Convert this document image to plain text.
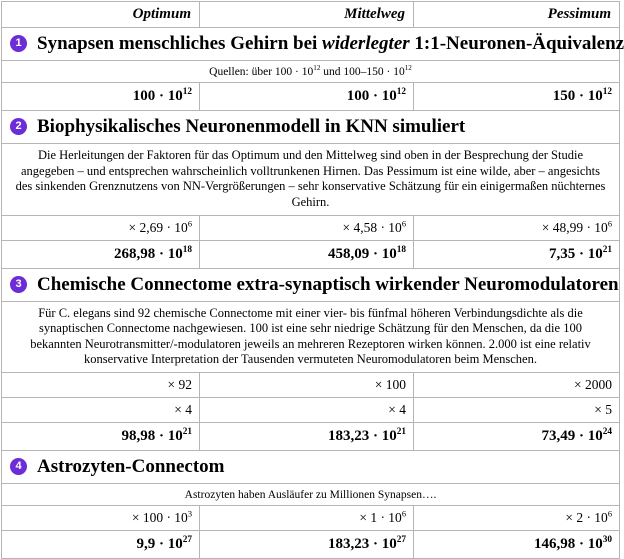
Optimum	Mittelweg	Pessimum
1 Synapsen menschliches Gehirn bei widerlegter 1:1-Neuronen-Äquivalenz		
Quellen: über $100 \cdot 10^{12}$ und $100-150 \cdot 10^{12}$
$100 \cdot 10^{12}$	$100 \cdot 10^{12}$	$150 \cdot 10^{12}$
2 Biophysikalisches Neuronenmodell in KNN simuliert		
Die Herleitungen der Faktoren für das Optimum und den Mittelweg sind oben in der Besprechung der Studie angegeben – und entsprechen wahrscheinlich volltrunkenen Hirnen. Das Pessimum ist eine wilde, aber – angesichts des sinkenden Grenznutzens von NN-Vergrößerungen – sehr konservative Schätzung für ein einigermaßen nüchternes Gehirn.		
× $2,69 \cdot 10^6$	× $4,58 \cdot 10^6$	× $48,99 \cdot 10^6$
$268,98 \cdot 10^{18}$	$458,09 \cdot 10^{18}$	$7,35 \cdot 10^{21}$
3 Chemische Connectome extra-synaptisch wirkender Neuromodulatoren		
Für C. elegans sind 92 chemische Connectome mit einer vier- bis fünfmal höheren Verbindungsdichte als die synaptischen Connectome nachgewiesen. 100 ist eine sehr niedrige Schätzung für den Menschen, da die 100 bekannten Neurotransmitter/-modulatoren jeweils an mehreren Rezeptoren wirken können. 2.000 ist eine relativ konservative Interpretation der Tausenden vermuteten Neuromodulatoren beim Menschen.		
× 92	× 100	× 2000
× 4	× 4	× 5
$98,98 \cdot 10^{21}$	$183,23 \cdot 10^{21}$	$73,49 \cdot 10^{24}$
4 Astrozyten-Connectom		
Astrozyten haben Ausläufer zu Millionen Synapsen….		
× $100 \cdot 10^3$	× $1 \cdot 10^6$	× $2 \cdot 10^6$
$9,9 \cdot 10^{27}$	$183,23 \cdot 10^{27}$	$146,98 \cdot 10^{30}$
